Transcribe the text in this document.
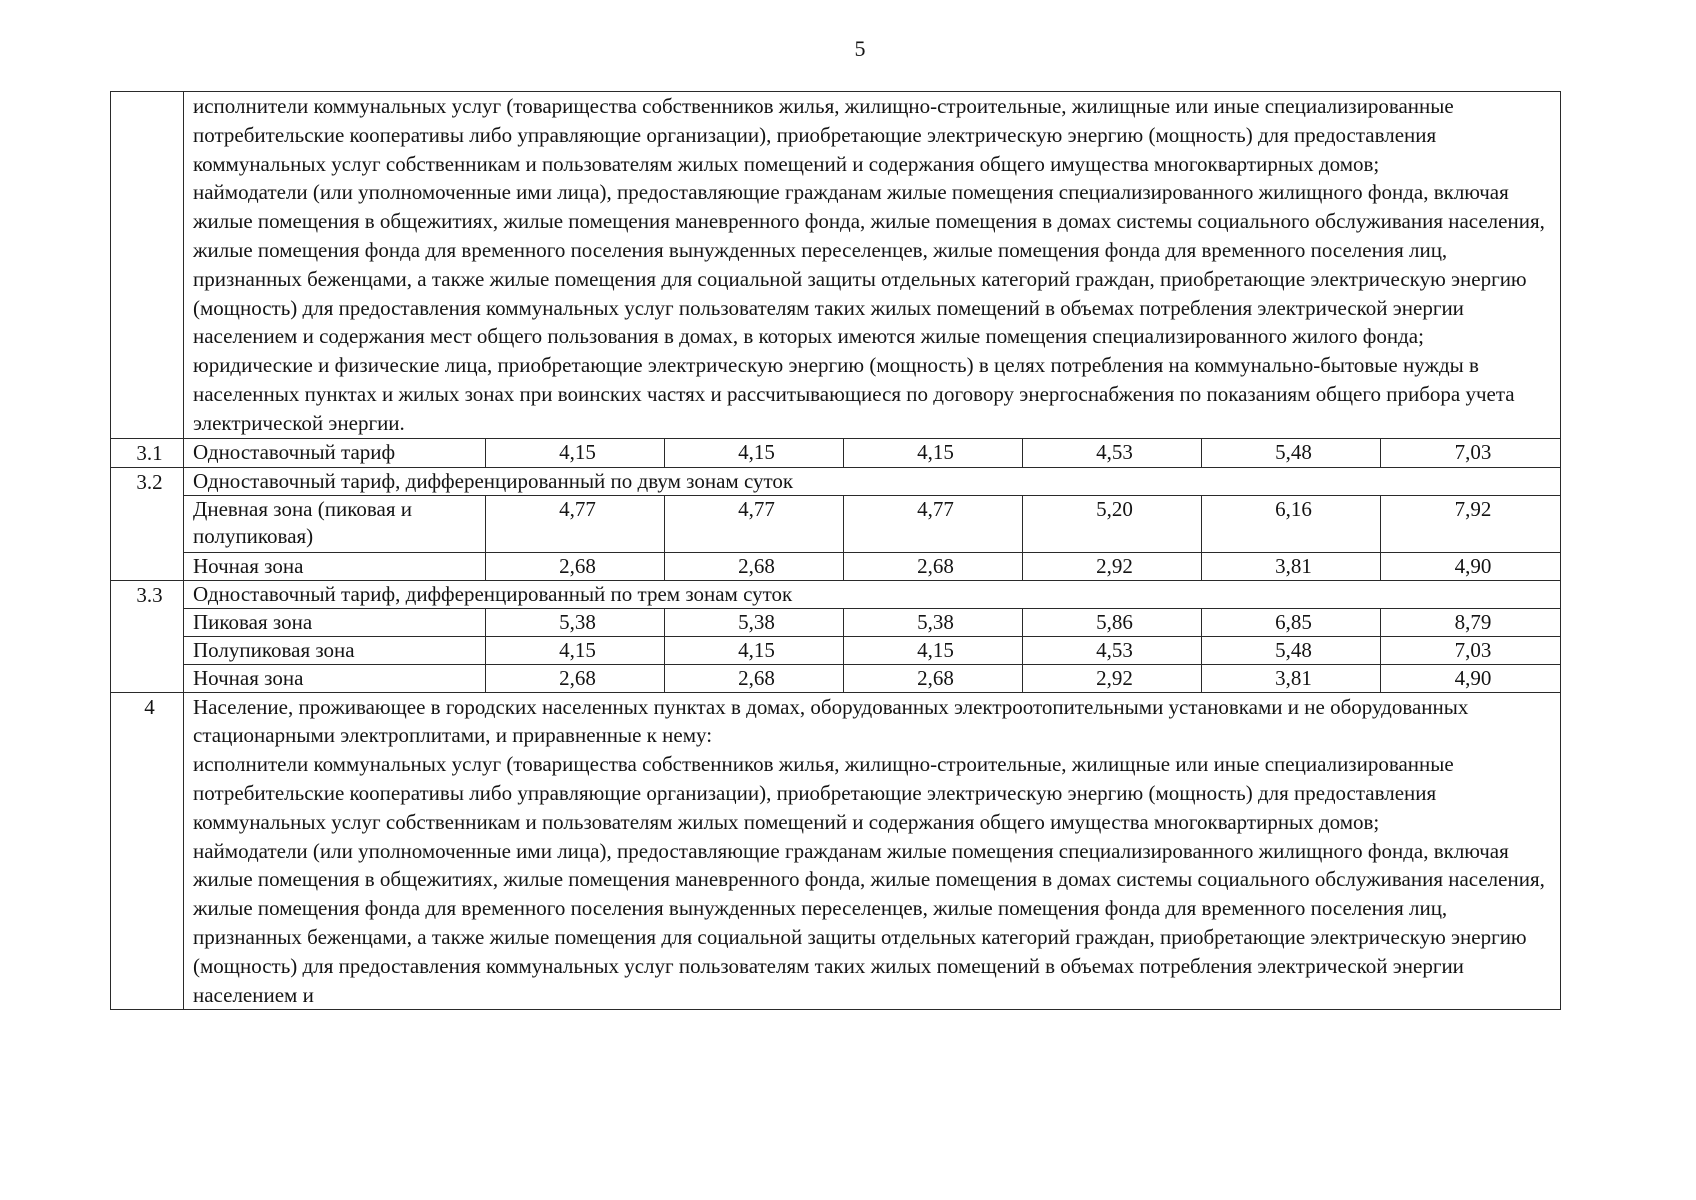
5

	исполнители коммунальных услуг (товарищества собственников жилья, жилищно-строительные, жилищные или иные специализированные потребительские кооперативы либо управляющие организации), приобретающие электрическую энергию (мощность) для предоставления коммунальных услуг собственникам и пользователям жилых помещений и содержания общего имущества многоквартирных домов;
наймодатели (или уполномоченные ими лица), предоставляющие гражданам жилые помещения специализированного жилищного фонда, включая жилые помещения в общежитиях, жилые помещения маневренного фонда, жилые помещения в домах системы социального обслуживания населения, жилые помещения фонда для временного поселения вынужденных переселенцев, жилые помещения фонда для временного поселения лиц, признанных беженцами, а также жилые помещения для социальной защиты отдельных категорий граждан, приобретающие электрическую энергию (мощность) для предоставления коммунальных услуг пользователям таких жилых помещений в объемах потребления электрической энергии населением и содержания мест общего пользования в домах, в которых имеются жилые помещения специализированного жилого фонда;
юридические и физические лица, приобретающие электрическую энергию (мощность) в целях потребления на коммунально-бытовые нужды в населенных пунктах и жилых зонах при воинских частях и рассчитывающиеся по договору энергоснабжения по показаниям общего прибора учета электрической энергии.						

3.1	Одноставочный тариф	4,15	4,15	4,15	4,53	5,48	7,03
3.2	Одноставочный тариф, дифференцированный по двум зонам суток						
	Дневная зона (пиковая и полупиковая)	4,77	4,77	4,77	5,20	6,16	7,92
	Ночная зона	2,68	2,68	2,68	2,92	3,81	4,90
3.3	Одноставочный тариф, дифференцированный по трем зонам суток						
	Пиковая зона	5,38	5,38	5,38	5,86	6,85	8,79
	Полупиковая зона	4,15	4,15	4,15	4,53	5,48	7,03
	Ночная зона	2,68	2,68	2,68	2,92	3,81	4,90
4	Население, проживающее в городских населенных пунктах в домах, оборудованных электроотопительными установками и не оборудованных стационарными электроплитами, и приравненные к нему:
исполнители коммунальных услуг (товарищества собственников жилья, жилищно-строительные, жилищные или иные специализированные потребительские кооперативы либо управляющие организации), приобретающие электрическую энергию (мощность) для предоставления коммунальных услуг собственникам и пользователям жилых помещений и содержания общего имущества многоквартирных домов;
наймодатели (или уполномоченные ими лица), предоставляющие гражданам жилые помещения специализированного жилищного фонда, включая жилые помещения в общежитиях, жилые помещения маневренного фонда, жилые помещения в домах системы социального обслуживания населения, жилые помещения фонда для временного поселения вынужденных переселенцев, жилые помещения фонда для временного поселения лиц, признанных беженцами, а также жилые помещения для социальной защиты отдельных категорий граждан, приобретающие электрическую энергию (мощность) для предоставления коммунальных услуг пользователям таких жилых помещений в объемах потребления электрической энергии населением и						
